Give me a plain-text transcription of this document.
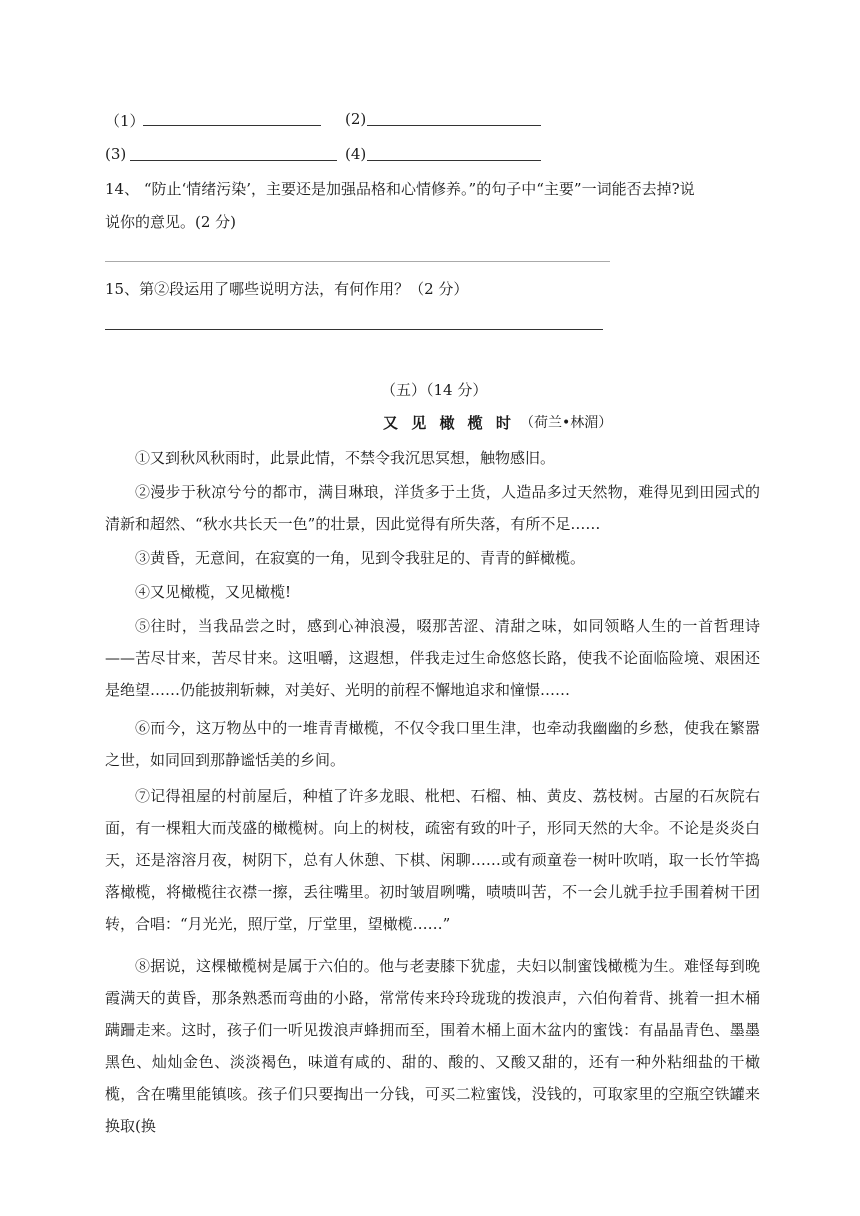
（1）	(2)
(3)	(4)
14、 “防止‘情绪污染’，主要还是加强品格和心情修养。”的句子中“主要”一词能否去掉?说
说你的意见。(2 分)
15、第②段运用了哪些说明方法，有何作用？（2 分）
（五）（14 分）
又 见 橄 榄 时 （荷兰•林湄）
①又到秋风秋雨时，此景此情，不禁令我沉思冥想，触物感旧。
②漫步于秋凉兮兮的都市，满目琳琅，洋货多于土货，人造品多过天然物，难得见到田园式的清新和超然、“秋水共长天一色”的壮景，因此觉得有所失落，有所不足……
③黄昏，无意间，在寂寞的一角，见到令我驻足的、青青的鲜橄榄。
④又见橄榄，又见橄榄!
⑤往时，当我品尝之时，感到心神浪漫，啜那苦涩、清甜之味，如同领略人生的一首哲理诗——苦尽甘来，苦尽甘来。这咀嚼，这遐想，伴我走过生命悠悠长路，使我不论面临险境、艰困还是绝望……仍能披荆斩棘，对美好、光明的前程不懈地追求和憧憬……
⑥而今，这万物丛中的一堆青青橄榄，不仅令我口里生津，也牵动我幽幽的乡愁，使我在繁嚣之世，如同回到那静谧恬美的乡间。
⑦记得祖屋的村前屋后，种植了许多龙眼、枇杷、石榴、柚、黄皮、荔枝树。古屋的石灰院右面，有一棵粗大而茂盛的橄榄树。向上的树枝，疏密有致的叶子，形同天然的大伞。不论是炎炎白天，还是溶溶月夜，树阴下，总有人休憩、下棋、闲聊……或有顽童卷一树叶吹哨，取一长竹竿捣落橄榄，将橄榄往衣襟一擦，丢往嘴里。初时皱眉咧嘴，啧啧叫苦，不一会儿就手拉手围着树干团转，合唱：“月光光，照厅堂，厅堂里，望橄榄……”
⑧据说，这棵橄榄树是属于六伯的。他与老妻膝下犹虚，夫妇以制蜜饯橄榄为生。难怪每到晚霞满天的黄昏，那条熟悉而弯曲的小路，常常传来玲玲珑珑的拨浪声，六伯佝着背、挑着一担木桶蹒跚走来。这时，孩子们一听见拨浪声蜂拥而至，围着木桶上面木盆内的蜜饯：有晶晶青色、墨墨黑色、灿灿金色、淡淡褐色，味道有咸的、甜的、酸的、又酸又甜的，还有一种外粘细盐的干橄榄，含在嘴里能镇咳。孩子们只要掏出一分钱，可买二粒蜜饯，没钱的，可取家里的空瓶空铁罐来换取(换
